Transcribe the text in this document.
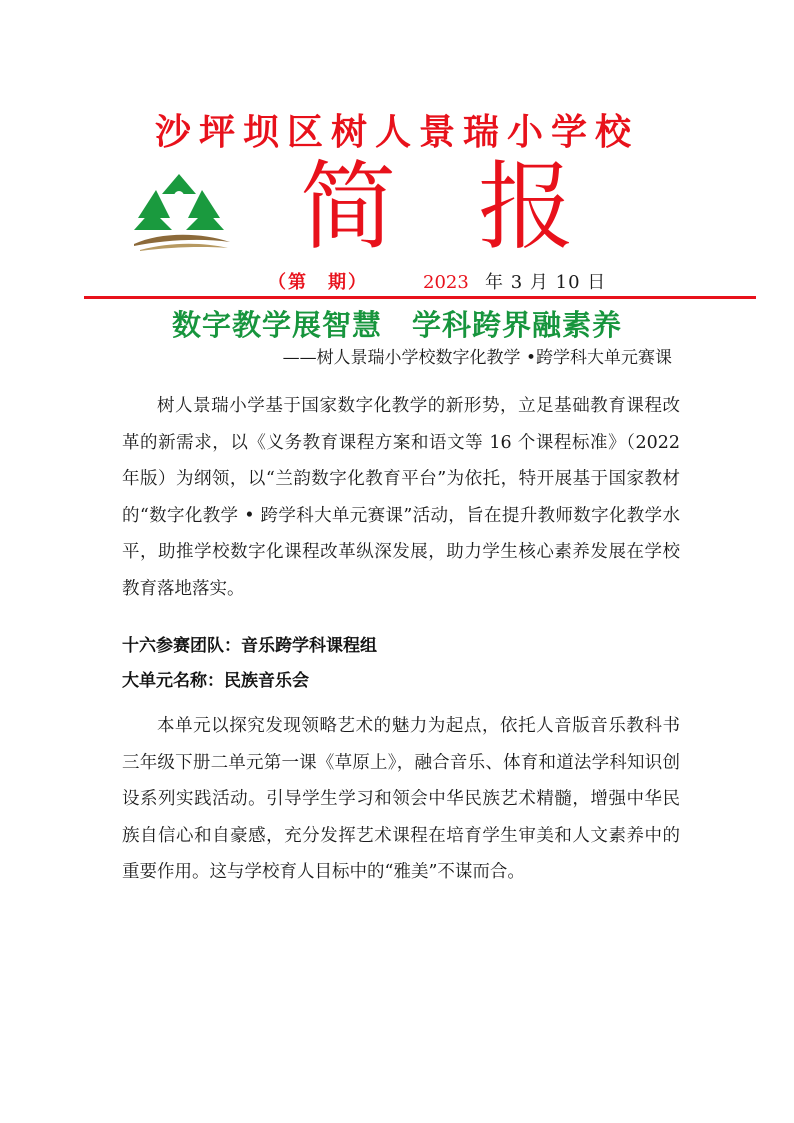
沙坪坝区树人景瑞小学校
简 报
（第　期）	2023 年 3 月 10 日
数字教学展智慧　学科跨界融素养
——树人景瑞小学校数字化教学 •跨学科大单元赛课

树人景瑞小学基于国家数字化教学的新形势，立足基础教育课程改革的新需求，以《义务教育课程方案和语文等 16 个课程标准》（2022 年版）为纲领，以“兰韵数字化教育平台”为依托，特开展基于国家教材的“数字化教学 • 跨学科大单元赛课”活动，旨在提升教师数字化教学水平，助推学校数字化课程改革纵深发展，助力学生核心素养发展在学校教育落地落实。

十六参赛团队：音乐跨学科课程组
大单元名称：民族音乐会

本单元以探究发现领略艺术的魅力为起点，依托人音版音乐教科书三年级下册二单元第一课《草原上》，融合音乐、体育和道法学科知识创设系列实践活动。引导学生学习和领会中华民族艺术精髓，增强中华民族自信心和自豪感，充分发挥艺术课程在培育学生审美和人文素养中的重要作用。这与学校育人目标中的“雅美”不谋而合。
